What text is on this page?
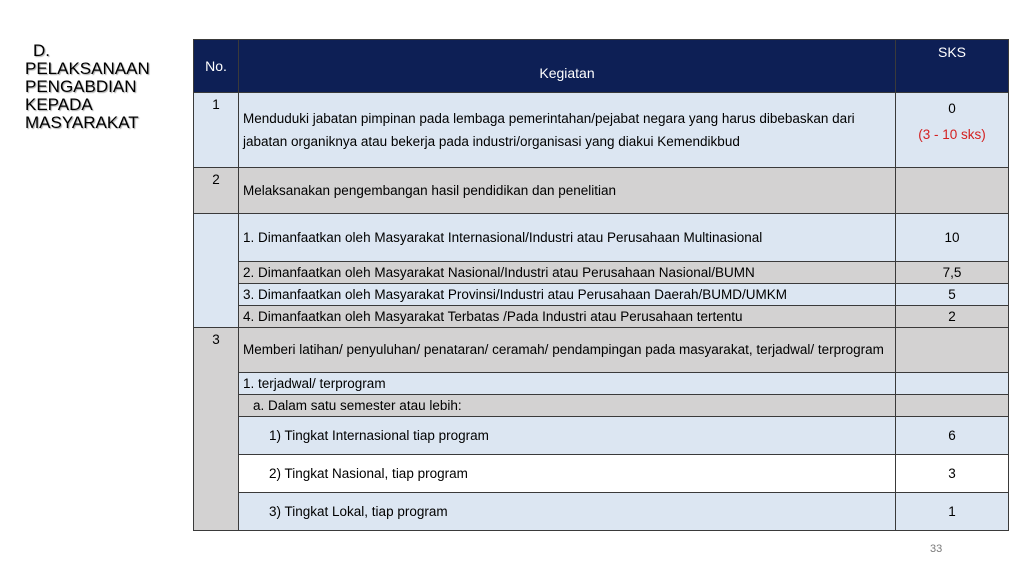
D.
PELAKSANAAN
PENGABDIAN
KEPADA
MASYARAKAT
No.	Kegiatan	SKS
1	Menduduki jabatan pimpinan pada lembaga pemerintahan/pejabat negara yang harus dibebaskan dari jabatan organiknya atau bekerja pada industri/organisasi yang diakui Kemendikbud	0
(3 - 10 sks)

2	Melaksanakan pengembangan hasil pendidikan dan penelitian	
	1. Dimanfaatkan oleh Masyarakat Internasional/Industri atau Perusahaan Multinasional	10
	2. Dimanfaatkan oleh Masyarakat Nasional/Industri atau Perusahaan Nasional/BUMN	7,5
	3. Dimanfaatkan oleh Masyarakat Provinsi/Industri atau Perusahaan Daerah/BUMD/UMKM	5
	4. Dimanfaatkan oleh Masyarakat Terbatas /Pada Industri atau Perusahaan tertentu	2
3	Memberi latihan/ penyuluhan/ penataran/ ceramah/ pendampingan pada masyarakat, terjadwal/ terprogram	
	1. terjadwal/ terprogram	
	a. Dalam satu semester atau lebih:	
	1) Tingkat Internasional tiap program	6
	2) Tingkat Nasional, tiap program	3
	3) Tingkat Lokal, tiap program	1
33
